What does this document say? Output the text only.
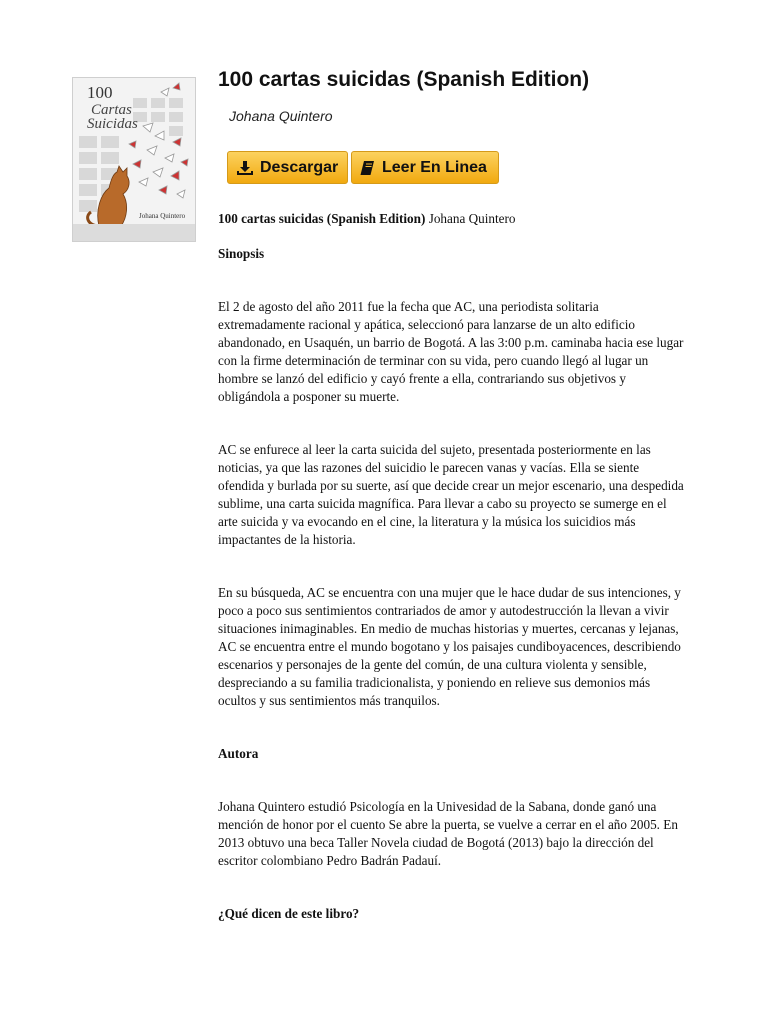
100
Cartas
Suicidas
Johana Quintero
100 cartas suicidas (Spanish Edition)
Johana Quintero
Descargar	Leer En Linea

100 cartas suicidas (Spanish Edition) Johana Quintero

Sinopsis

El 2 de agosto del año 2011 fue la fecha que AC, una periodista solitaria extremadamente racional y apática, seleccionó para lanzarse de un alto edificio abandonado, en Usaquén, un barrio de Bogotá. A las 3:00 p.m. caminaba hacia ese lugar con la firme determinación de terminar con su vida, pero cuando llegó al lugar un hombre se lanzó del edificio y cayó frente a ella, contrariando sus objetivos y obligándola a posponer su muerte.

AC se enfurece al leer la carta suicida del sujeto, presentada posteriormente en las noticias, ya que las razones del suicidio le parecen vanas y vacías. Ella se siente ofendida y burlada por su suerte, así que decide crear un mejor escenario, una despedida sublime, una carta suicida magnífica. Para llevar a cabo su proyecto se sumerge en el arte suicida y va evocando en el cine, la literatura y la música los suicidios más impactantes de la historia.

En su búsqueda, AC se encuentra con una mujer que le hace dudar de sus intenciones, y poco a poco sus sentimientos contrariados de amor y autodestrucción la llevan a vivir situaciones inimaginables. En medio de muchas historias y muertes, cercanas y lejanas, AC se encuentra entre el mundo bogotano y los paisajes cundiboyacences, describiendo escenarios y personajes de la gente del común, de una cultura violenta y sensible, despreciando a su familia tradicionalista, y poniendo en relieve sus demonios más ocultos y sus sentimientos más tranquilos.

Autora

Johana Quintero estudió Psicología en la Univesidad de la Sabana, donde ganó una mención de honor por el cuento Se abre la puerta, se vuelve a cerrar en el año 2005. En 2013 obtuvo una beca Taller Novela ciudad de Bogotá (2013) bajo la dirección del escritor colombiano Pedro Badrán Padauí.

¿Qué dicen de este libro?
